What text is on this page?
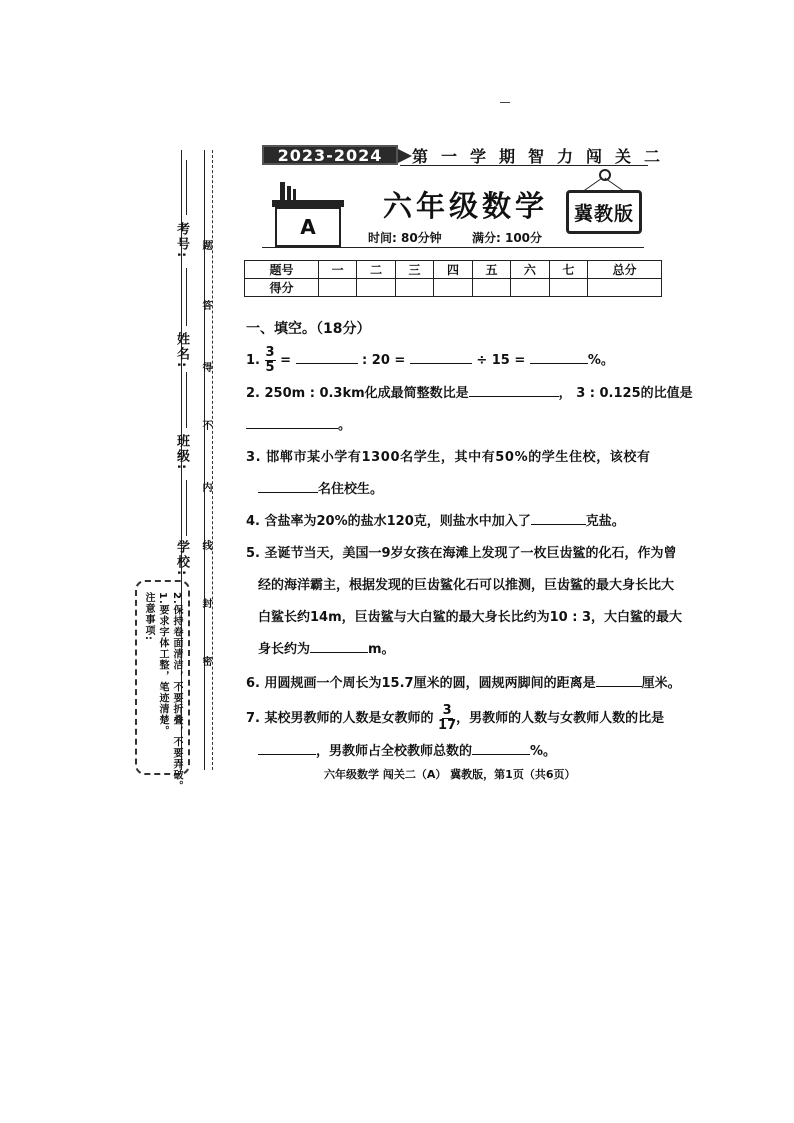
考号:
姓名:
班级:
学校:
题
答
得
不
内
线
封
密
注意事项: 1.要求字体工整，笔迹清楚。 2.保持卷面清洁，不要折叠，不要弄破。
2023-2024	第一学期智力闯关二
A
六年级数学
时间: 80分钟	满分: 100分
冀教版
题号	一	二	三	四	五	六	七	总分
得分								
一、填空。（18分）
1. $\frac{3}{5}$ =	: 20 =	÷ 15 =	%。
2. 250m : 0.3km化成最简整数比是	， 3 : 0.125的比值是
。
3. 邯郸市某小学有1300名学生，其中有50%的学生住校，该校有
名住校生。
4. 含盐率为20%的盐水120克，则盐水中加入了	克盐。
5. 圣诞节当天，美国一9岁女孩在海滩上发现了一枚巨齿鲨的化石，作为曾
经的海洋霸主，根据发现的巨齿鲨化石可以推测，巨齿鲨的最大身长比大
白鲨长约14m，巨齿鲨与大白鲨的最大身长比约为10 : 3，大白鲨的最大
身长约为	m。
6. 用圆规画一个周长为15.7厘米的圆，圆规两脚间的距离是	厘米。
7. 某校男教师的人数是女教师的 $\frac{3}{17}$ ，男教师的人数与女教师人数的比是
，男教师占全校教师总数的	%。
六年级数学 闯关二（A） 冀教版，第1页（共6页）
